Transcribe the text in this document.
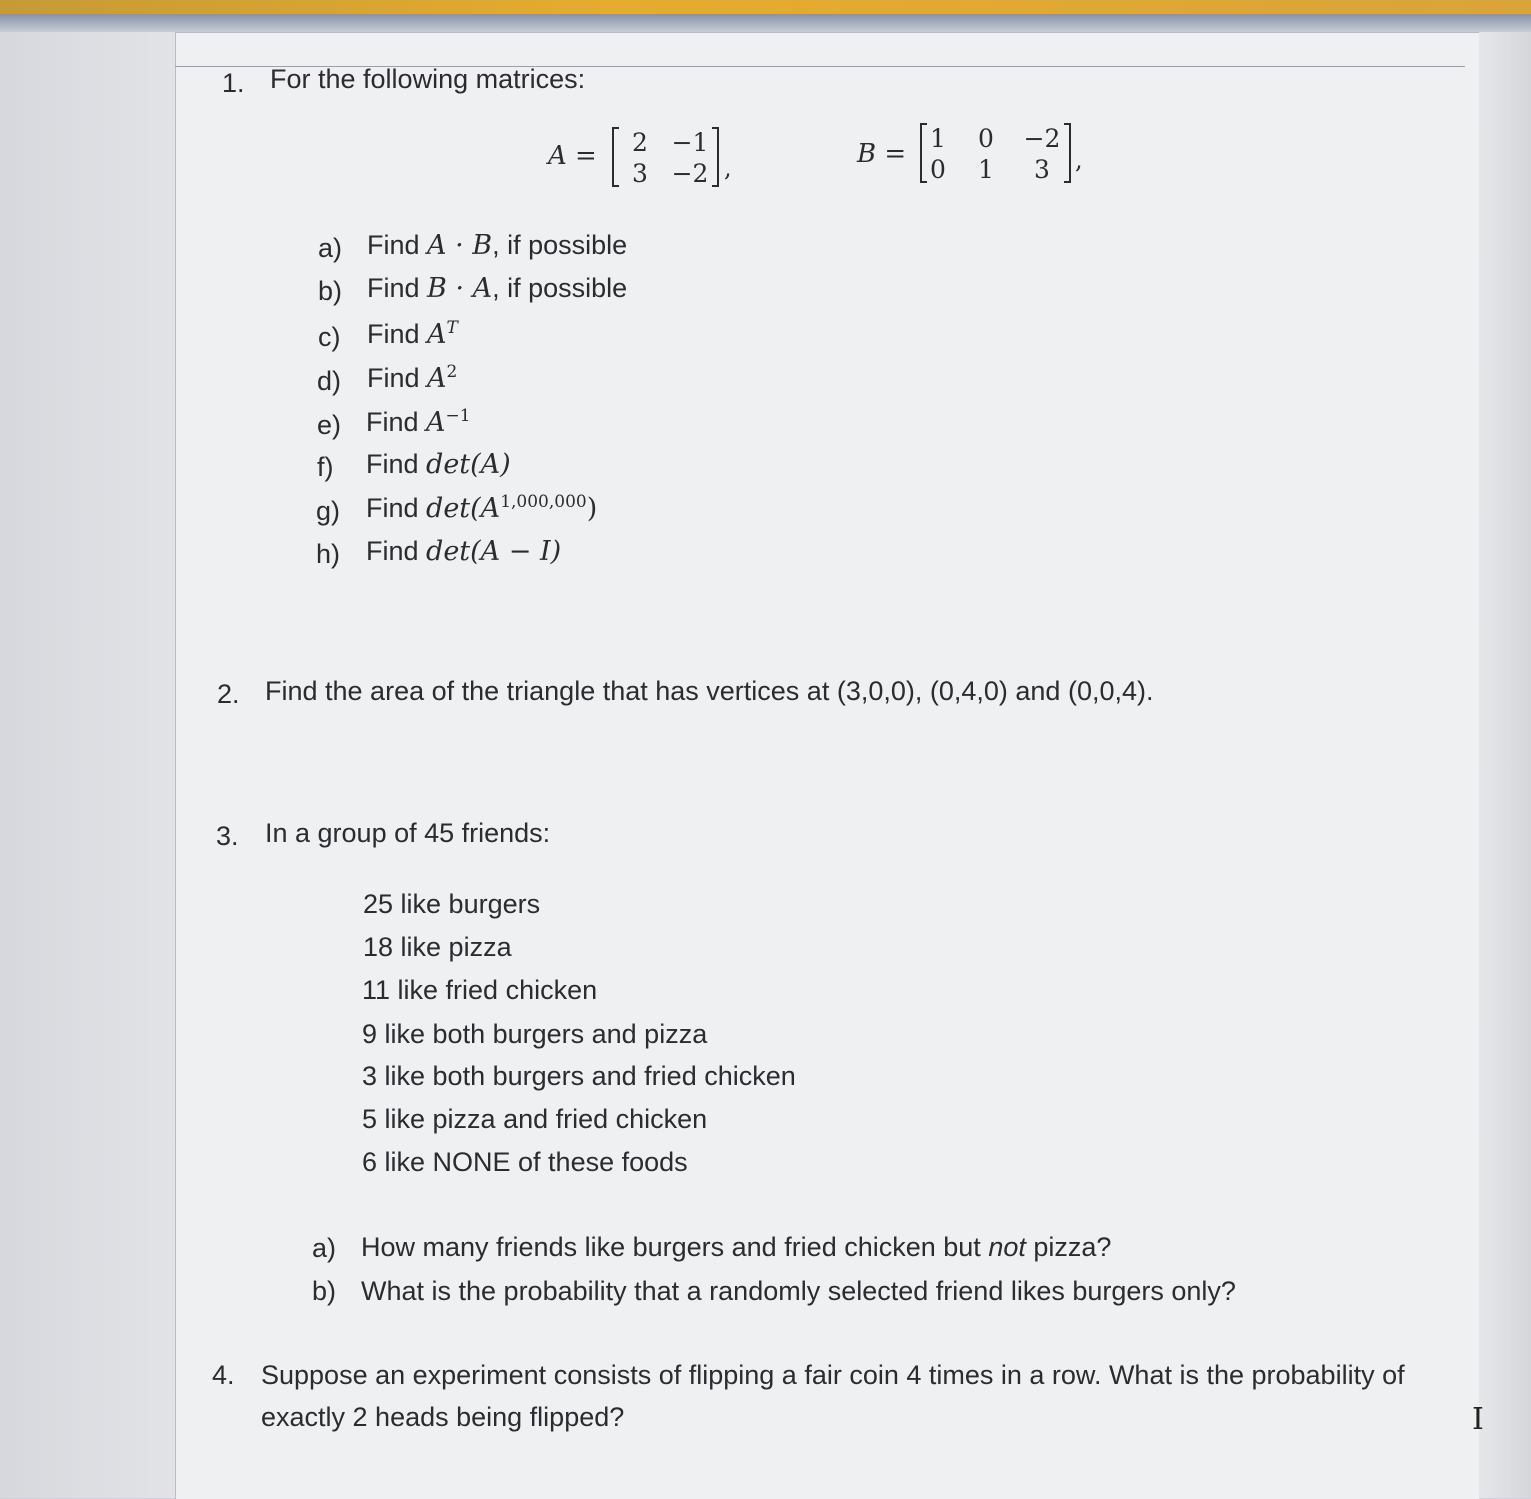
1. For the following matrices:
A = 2 −1
3 −2 ,	B =
1 0 −2
0 1 3 ,
a) Find A · B, if possible
b) Find B · A, if possible
c) Find $A^T$
d) Find $A^2$
e) Find $A^{-1}$
f) Find det(A)
g) Find $\det(A^{1,000,000})$
h) Find det(A − I)
2. Find the area of the triangle that has vertices at (3,0,0), (0,4,0) and (0,0,4).
3. In a group of 45 friends:
25 like burgers
18 like pizza
11 like fried chicken
9 like both burgers and pizza
3 like both burgers and fried chicken
5 like pizza and fried chicken
6 like NONE of these foods
a) How many friends like burgers and fried chicken but not pizza?
b) What is the probability that a randomly selected friend likes burgers only?
4. Suppose an experiment consists of flipping a fair coin 4 times in a row. What is the probability of
exactly 2 heads being flipped?	I
